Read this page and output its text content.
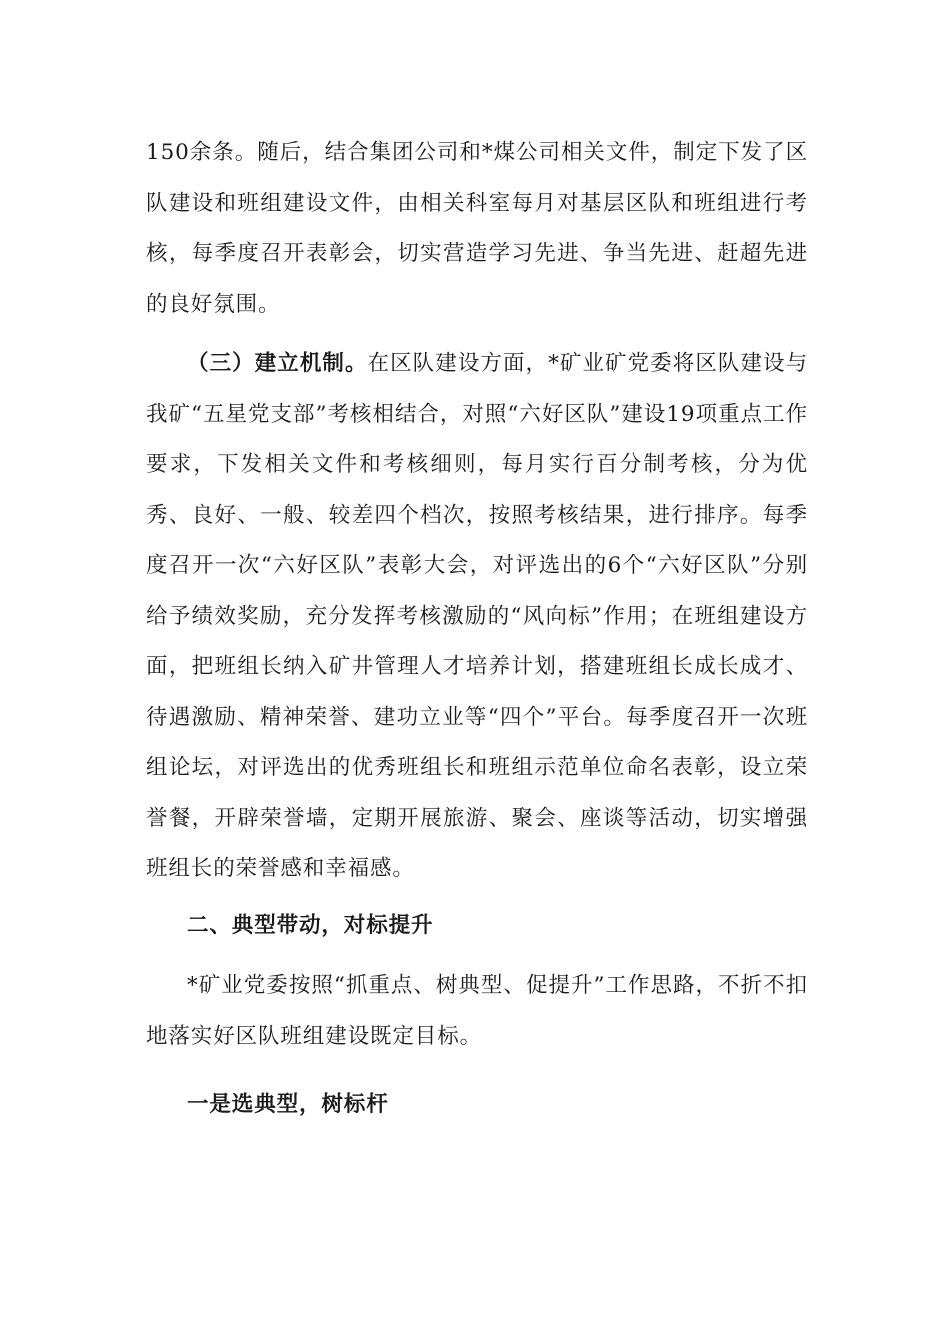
150余条。随后，结合集团公司和*煤公司相关文件，制定下发了区队建设和班组建设文件，由相关科室每月对基层区队和班组进行考核，每季度召开表彰会，切实营造学习先进、争当先进、赶超先进的良好氛围。

（三）建立机制。在区队建设方面，*矿业矿党委将区队建设与我矿“五星党支部”考核相结合，对照“六好区队”建设19项重点工作要求，下发相关文件和考核细则，每月实行百分制考核，分为优秀、良好、一般、较差四个档次，按照考核结果，进行排序。每季度召开一次“六好区队”表彰大会，对评选出的6个“六好区队”分别给予绩效奖励，充分发挥考核激励的“风向标”作用；在班组建设方面，把班组长纳入矿井管理人才培养计划，搭建班组长成长成才、待遇激励、精神荣誉、建功立业等“四个”平台。每季度召开一次班组论坛，对评选出的优秀班组长和班组示范单位命名表彰，设立荣誉餐，开辟荣誉墙，定期开展旅游、聚会、座谈等活动，切实增强班组长的荣誉感和幸福感。

二、典型带动，对标提升

*矿业党委按照“抓重点、树典型、促提升”工作思路，不折不扣地落实好区队班组建设既定目标。

一是选典型，树标杆
